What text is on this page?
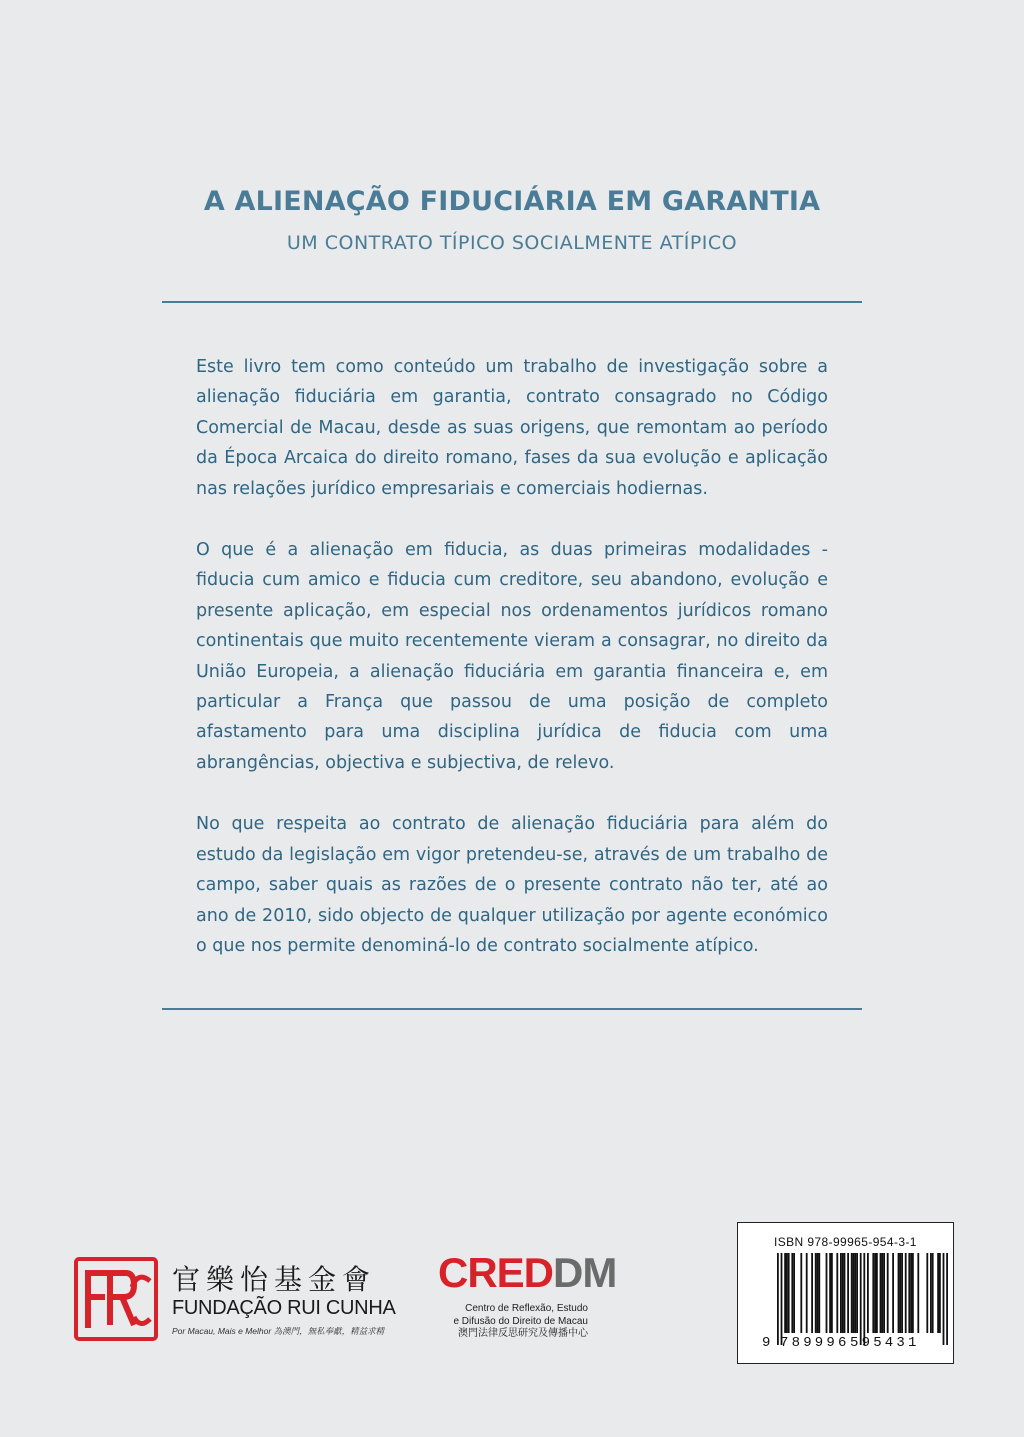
A ALIENAÇÃO FIDUCIÁRIA EM GARANTIA
UM CONTRATO TÍPICO SOCIALMENTE ATÍPICO

Este livro tem como conteúdo um trabalho de investigação sobre a alienação fiduciária em garantia, contrato consagrado no Código Comercial de Macau, desde as suas origens, que remontam ao período da Época Arcaica do direito romano, fases da sua evolução e aplicação nas relações jurídico empresariais e comerciais hodiernas.

O que é a alienação em fiducia, as duas primeiras modalidades - fiducia cum amico e fiducia cum creditore, seu abandono, evolução e presente aplicação, em especial nos ordenamentos jurídicos romano continentais que muito recentemente vieram a consagrar, no direito da União Europeia, a alienação fiduciária em garantia financeira e, em particular a França que passou de uma posição de completo afastamento para uma disciplina jurídica de fiducia com uma abrangências, objectiva e subjectiva, de relevo.

No que respeita ao contrato de alienação fiduciária para além do estudo da legislação em vigor pretendeu-se, através de um trabalho de campo, saber quais as razões de o presente contrato não ter, até ao ano de 2010, sido objecto de qualquer utilização por agente económico o que nos permite denominá-lo de contrato socialmente atípico.

官樂怡基金會
FUNDAÇÃO RUI CUNHA
Por Macau, Mais e Melhor 為澳門，無私奉獻，精益求精
CREDDM
Centro de Reflexão, Estudo
e Difusão do Direito de Macau
澳門法律反思研究及傳播中心
ISBN 978-99965-954-3-1
9 789996 595431
